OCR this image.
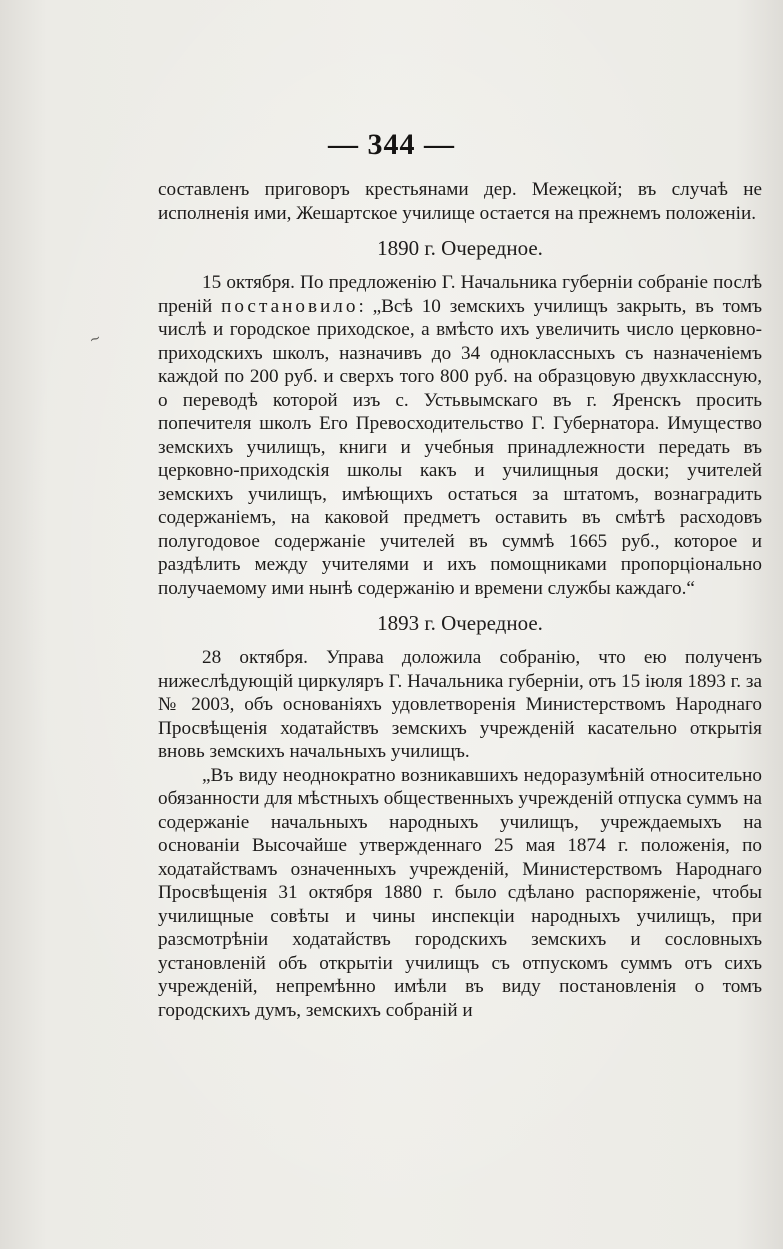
— 344 —
~

составленъ приговоръ крестьянами дер. Межецкой; въ случаѣ не исполненія ими, Жешартское училище остается на прежнемъ положеніи.

1890 г. Очередное.

15 октября. По предложенію Г. Начальника губерніи собраніе послѣ преній постановило: „Всѣ 10 земскихъ училищъ закрыть, въ томъ числѣ и городское приходское, а вмѣсто ихъ увеличить число церковно-приходскихъ школъ, назначивъ до 34 одноклассныхъ съ назначеніемъ каждой по 200 руб. и сверхъ того 800 руб. на образцовую двухклассную, о переводѣ которой изъ с. Устьвымскаго въ г. Яренскъ просить попечителя школъ Его Превосходительство Г. Губернатора. Имущество земскихъ училищъ, книги и учебныя принадлежности передать въ церковно-приходскія школы какъ и училищныя доски; учителей земскихъ училищъ, имѣющихъ остаться за штатомъ, вознаградить содержаніемъ, на каковой предметъ оставить въ смѣтѣ расходовъ полугодовое содержаніе учителей въ суммѣ 1665 руб., которое и раздѣлить между учителями и ихъ помощниками пропорціонально получаемому ими нынѣ содержанію и времени службы каждаго.“

1893 г. Очередное.

28 октября. Управа доложила собранію, что ею полученъ нижеслѣдующій циркуляръ Г. Начальника губерніи, отъ 15 іюля 1893 г. за № 2003, объ основаніяхъ удовлетворенія Министерствомъ Народнаго Просвѣщенія ходатайствъ земскихъ учрежденій касательно открытія вновь земскихъ начальныхъ училищъ.

„Въ виду неоднократно возникавшихъ недоразумѣній относительно обязанности для мѣстныхъ общественныхъ учрежденій отпуска суммъ на содержаніе начальныхъ народныхъ училищъ, учреждаемыхъ на основаніи Высочайше утвержденнаго 25 мая 1874 г. положенія, по ходатайствамъ означенныхъ учрежденій, Министерствомъ Народнаго Просвѣщенія 31 октября 1880 г. было сдѣлано распоряженіе, чтобы училищные совѣты и чины инспекціи народныхъ училищъ, при разсмотрѣніи ходатайствъ городскихъ земскихъ и сословныхъ установленій объ открытіи училищъ съ отпускомъ суммъ отъ сихъ учрежденій, непремѣнно имѣли въ виду постановленія о томъ городскихъ думъ, земскихъ собраній и
